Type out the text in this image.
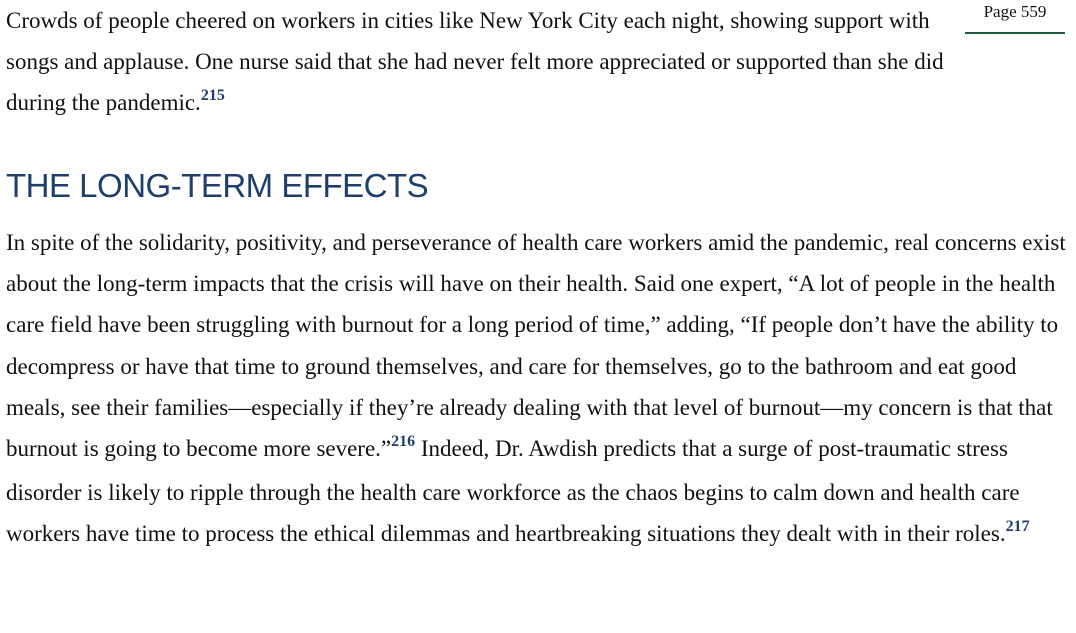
Page 559

Crowds of people cheered on workers in cities like New York City each night, showing support with songs and applause. One nurse said that she had never felt more appreciated or supported than she did during the pandemic.$^{215}$

THE LONG-TERM EFFECTS

In spite of the solidarity, positivity, and perseverance of health care workers amid the pandemic, real concerns exist about the long-term impacts that the crisis will have on their health. Said one expert, “A lot of people in the health care field have been struggling with burnout for a long period of time,” adding, “If people don’t have the ability to decompress or have that time to ground themselves, and care for themselves, go to the bathroom and eat good meals, see their families—especially if they’re already dealing with that level of burnout—my concern is that that burnout is going to become more severe.”$^{216}$ Indeed, Dr. Awdish predicts that a surge of post-traumatic stress disorder is likely to ripple through the health care workforce as the chaos begins to calm down and health care workers have time to process the ethical dilemmas and heartbreaking situations they dealt with in their roles.$^{217}$
